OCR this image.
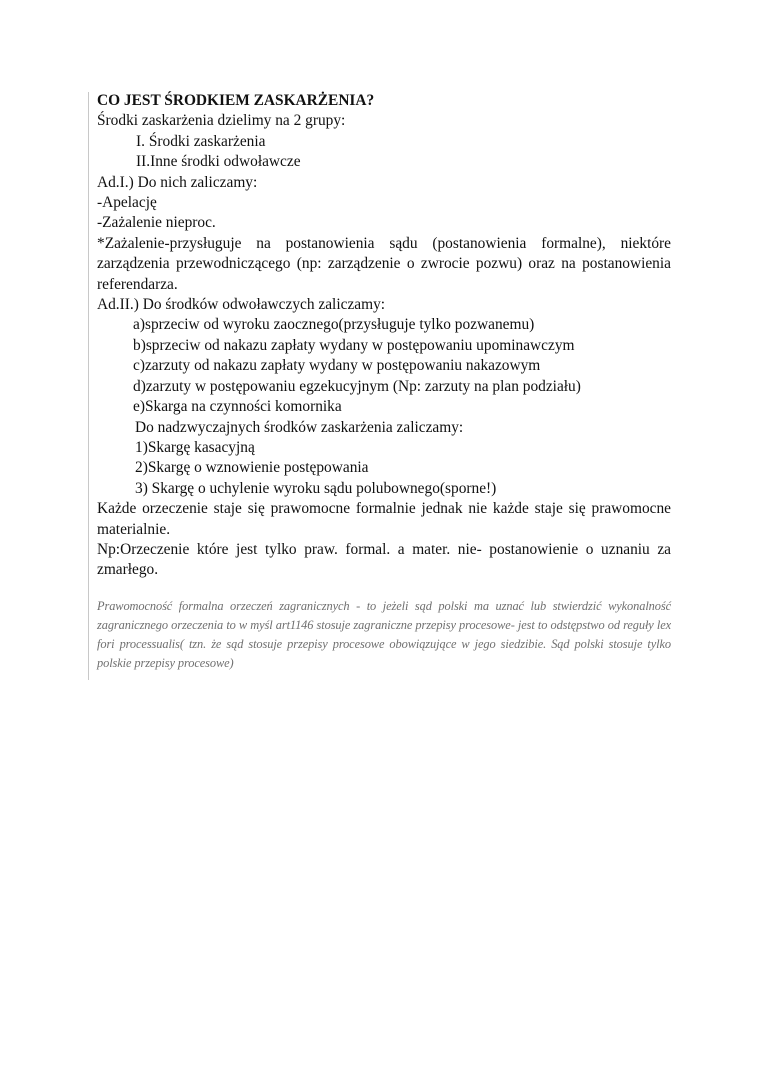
CO JEST ŚRODKIEM ZASKARŻENIA?
Środki zaskarżenia dzielimy na 2 grupy:
I. Środki zaskarżenia
II.Inne środki odwoławcze
Ad.I.) Do nich zaliczamy:
-Apelację
-Zażalenie nieproc.
*Zażalenie-przysługuje na postanowienia sądu (postanowienia formalne), niektóre zarządzenia przewodniczącego (np: zarządzenie o zwrocie pozwu) oraz na postanowienia referendarza.
Ad.II.) Do środków odwoławczych zaliczamy:
a)sprzeciw od wyroku zaocznego(przysługuje tylko pozwanemu)
b)sprzeciw od nakazu zapłaty wydany w postępowaniu upominawczym
c)zarzuty od nakazu zapłaty wydany w postępowaniu nakazowym
d)zarzuty w postępowaniu egzekucyjnym (Np: zarzuty na plan podziału)
e)Skarga na czynności komornika
Do nadzwyczajnych środków zaskarżenia zaliczamy:
1)Skargę kasacyjną
2)Skargę o wznowienie postępowania
3) Skargę o uchylenie wyroku sądu polubownego(sporne!)
Każde orzeczenie staje się prawomocne formalnie jednak nie każde staje się prawomocne materialnie.
Np:Orzeczenie które jest tylko praw. formal. a mater. nie- postanowienie o uznaniu za zmarłego.
Prawomocność formalna orzeczeń zagranicznych - to jeżeli sąd polski ma uznać lub stwierdzić wykonalność zagranicznego orzeczenia to w myśl art1146 stosuje zagraniczne przepisy procesowe- jest to odstępstwo od reguły lex fori processualis( tzn. że sąd stosuje przepisy procesowe obowiązujące w jego siedzibie. Sąd polski stosuje tylko polskie przepisy procesowe)
